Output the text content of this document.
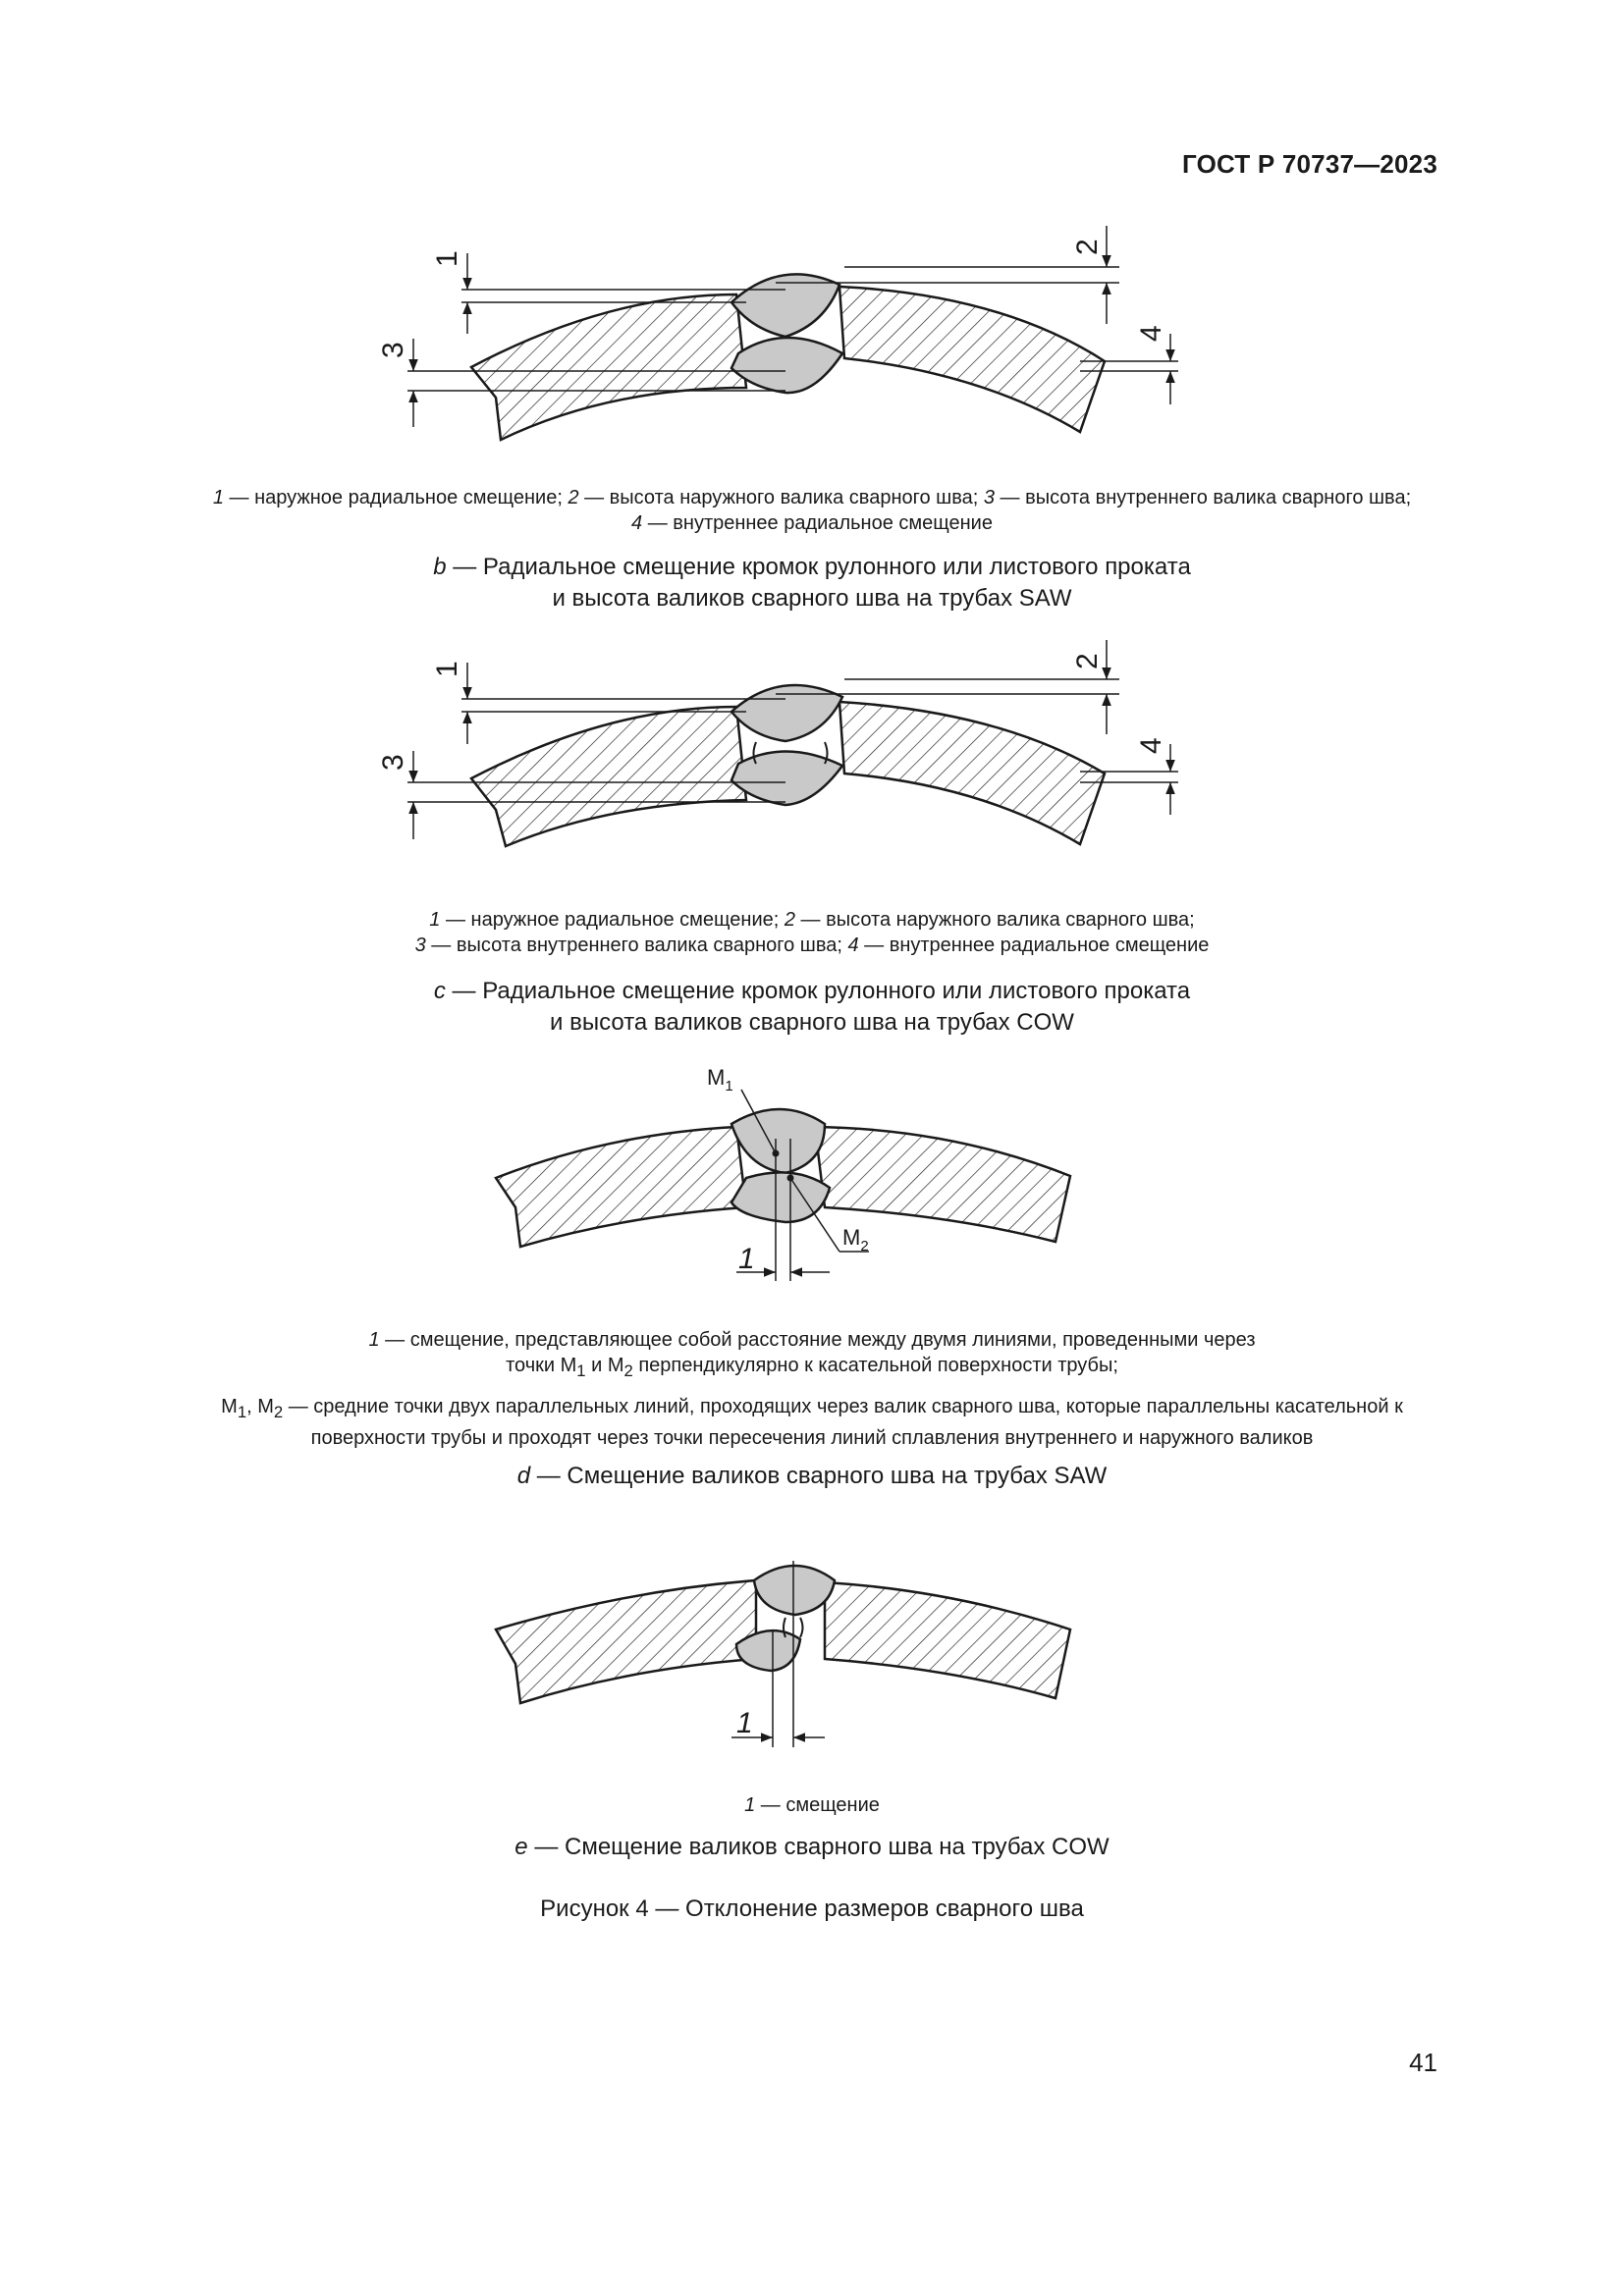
ГОСТ Р 70737—2023
1
2
3
4
1 — наружное радиальное смещение; 2 — высота наружного валика сварного шва; 3 — высота внутреннего валика сварного шва;
4 — внутреннее радиальное смещение
b — Радиальное смещение кромок рулонного или листового проката
и высота валиков сварного шва на трубах SAW
1	2
3
4
1 — наружное радиальное смещение; 2 — высота наружного валика сварного шва;
3 — высота внутреннего валика сварного шва; 4 — внутреннее радиальное смещение
c — Радиальное смещение кромок рулонного или листового проката
и высота валиков сварного шва на трубах COW
$M_1$
$M_2$
1
1 — смещение, представляющее собой расстояние между двумя линиями, проведенными через
точки $M_1$ и $M_2$ перпендикулярно к касательной поверхности трубы;
$M_1$, $M_2$ — средние точки двух параллельных линий, проходящих через валик сварного шва, которые параллельны касательной к
поверхности трубы и проходят через точки пересечения линий сплавления внутреннего и наружного валиков
d — Смещение валиков сварного шва на трубах SAW
1
1 — смещение
e — Смещение валиков сварного шва на трубах COW
Рисунок 4 — Отклонение размеров сварного шва
41
